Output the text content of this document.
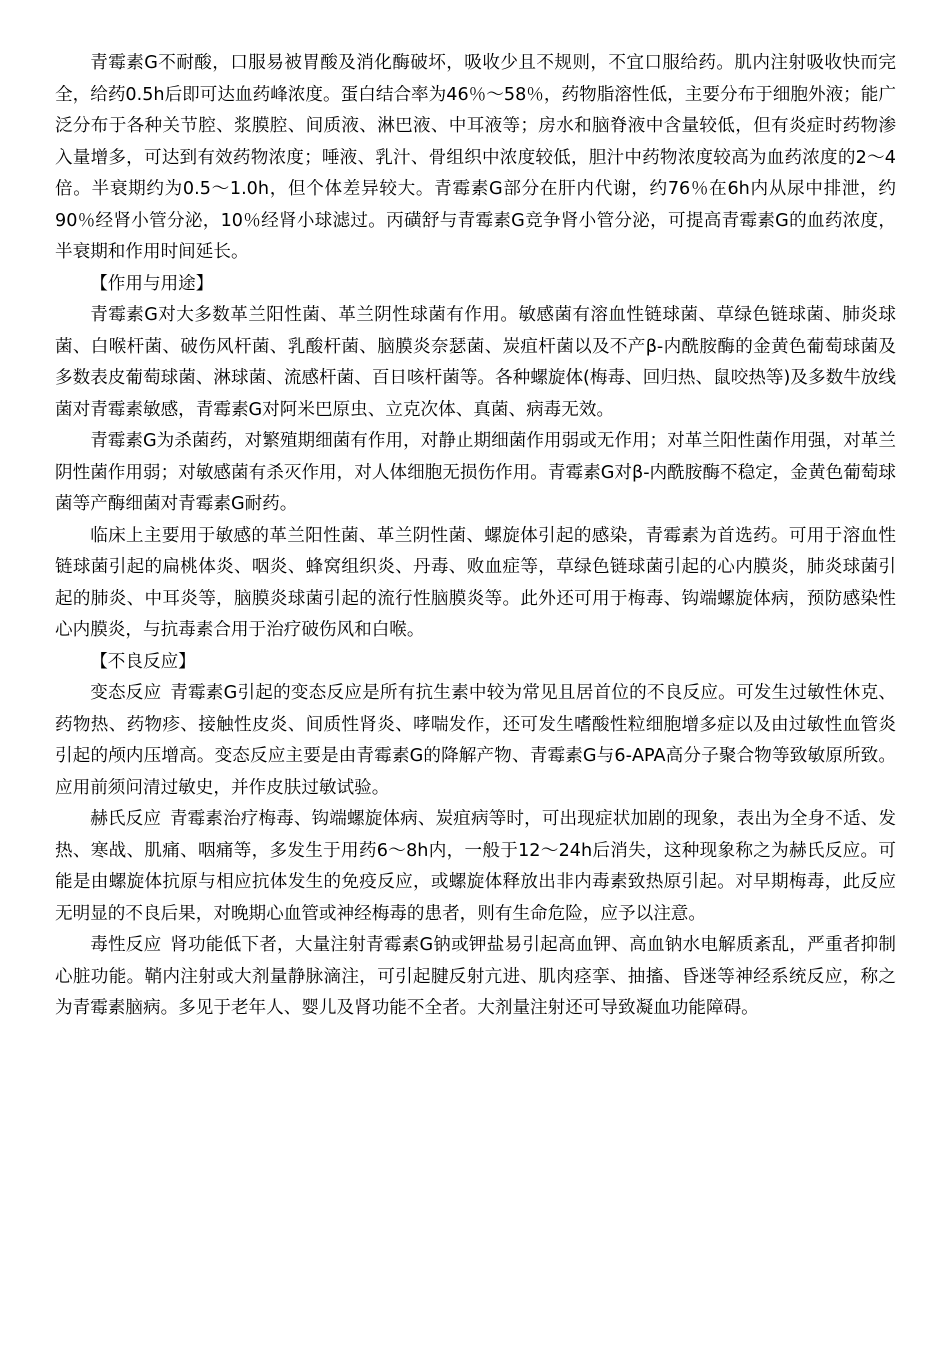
青霉素G不耐酸，口服易被胃酸及消化酶破坏，吸收少且不规则，不宜口服给药。肌内注射吸收快而完全，给药0.5h后即可达血药峰浓度。蛋白结合率为46％～58％，药物脂溶性低，主要分布于细胞外液；能广泛分布于各种关节腔、浆膜腔、间质液、淋巴液、中耳液等；房水和脑脊液中含量较低，但有炎症时药物渗入量增多，可达到有效药物浓度；唾液、乳汁、骨组织中浓度较低，胆汁中药物浓度较高为血药浓度的2～4倍。半衰期约为0.5～1.0h，但个体差异较大。青霉素G部分在肝内代谢，约76％在6h内从尿中排泄，约90％经肾小管分泌，10％经肾小球滤过。丙磺舒与青霉素G竞争肾小管分泌，可提高青霉素G的血药浓度，半衰期和作用时间延长。

【作用与用途】

青霉素G对大多数革兰阳性菌、革兰阴性球菌有作用。敏感菌有溶血性链球菌、草绿色链球菌、肺炎球菌、白喉杆菌、破伤风杆菌、乳酸杆菌、脑膜炎奈瑟菌、炭疽杆菌以及不产β-内酰胺酶的金黄色葡萄球菌及多数表皮葡萄球菌、淋球菌、流感杆菌、百日咳杆菌等。各种螺旋体(梅毒、回归热、鼠咬热等)及多数牛放线菌对青霉素敏感，青霉素G对阿米巴原虫、立克次体、真菌、病毒无效。

青霉素G为杀菌药，对繁殖期细菌有作用，对静止期细菌作用弱或无作用；对革兰阳性菌作用强，对革兰阴性菌作用弱；对敏感菌有杀灭作用，对人体细胞无损伤作用。青霉素G对β-内酰胺酶不稳定，金黄色葡萄球菌等产酶细菌对青霉素G耐药。

临床上主要用于敏感的革兰阳性菌、革兰阴性菌、螺旋体引起的感染，青霉素为首选药。可用于溶血性链球菌引起的扁桃体炎、咽炎、蜂窝组织炎、丹毒、败血症等，草绿色链球菌引起的心内膜炎，肺炎球菌引起的肺炎、中耳炎等，脑膜炎球菌引起的流行性脑膜炎等。此外还可用于梅毒、钩端螺旋体病，预防感染性心内膜炎，与抗毒素合用于治疗破伤风和白喉。

【不良反应】

变态反应 青霉素G引起的变态反应是所有抗生素中较为常见且居首位的不良反应。可发生过敏性休克、药物热、药物疹、接触性皮炎、间质性肾炎、哮喘发作，还可发生嗜酸性粒细胞增多症以及由过敏性血管炎引起的颅内压增高。变态反应主要是由青霉素G的降解产物、青霉素G与6-APA高分子聚合物等致敏原所致。应用前须问清过敏史，并作皮肤过敏试验。

赫氏反应 青霉素治疗梅毒、钩端螺旋体病、炭疽病等时，可出现症状加剧的现象，表出为全身不适、发热、寒战、肌痛、咽痛等，多发生于用药6～8h内，一般于12～24h后消失，这种现象称之为赫氏反应。可能是由螺旋体抗原与相应抗体发生的免疫反应，或螺旋体释放出非内毒素致热原引起。对早期梅毒，此反应无明显的不良后果，对晚期心血管或神经梅毒的患者，则有生命危险，应予以注意。

毒性反应 肾功能低下者，大量注射青霉素G钠或钾盐易引起高血钾、高血钠水电解质紊乱，严重者抑制心脏功能。鞘内注射或大剂量静脉滴注，可引起腱反射亢进、肌肉痉挛、抽搐、昏迷等神经系统反应，称之为青霉素脑病。多见于老年人、婴儿及肾功能不全者。大剂量注射还可导致凝血功能障碍。
